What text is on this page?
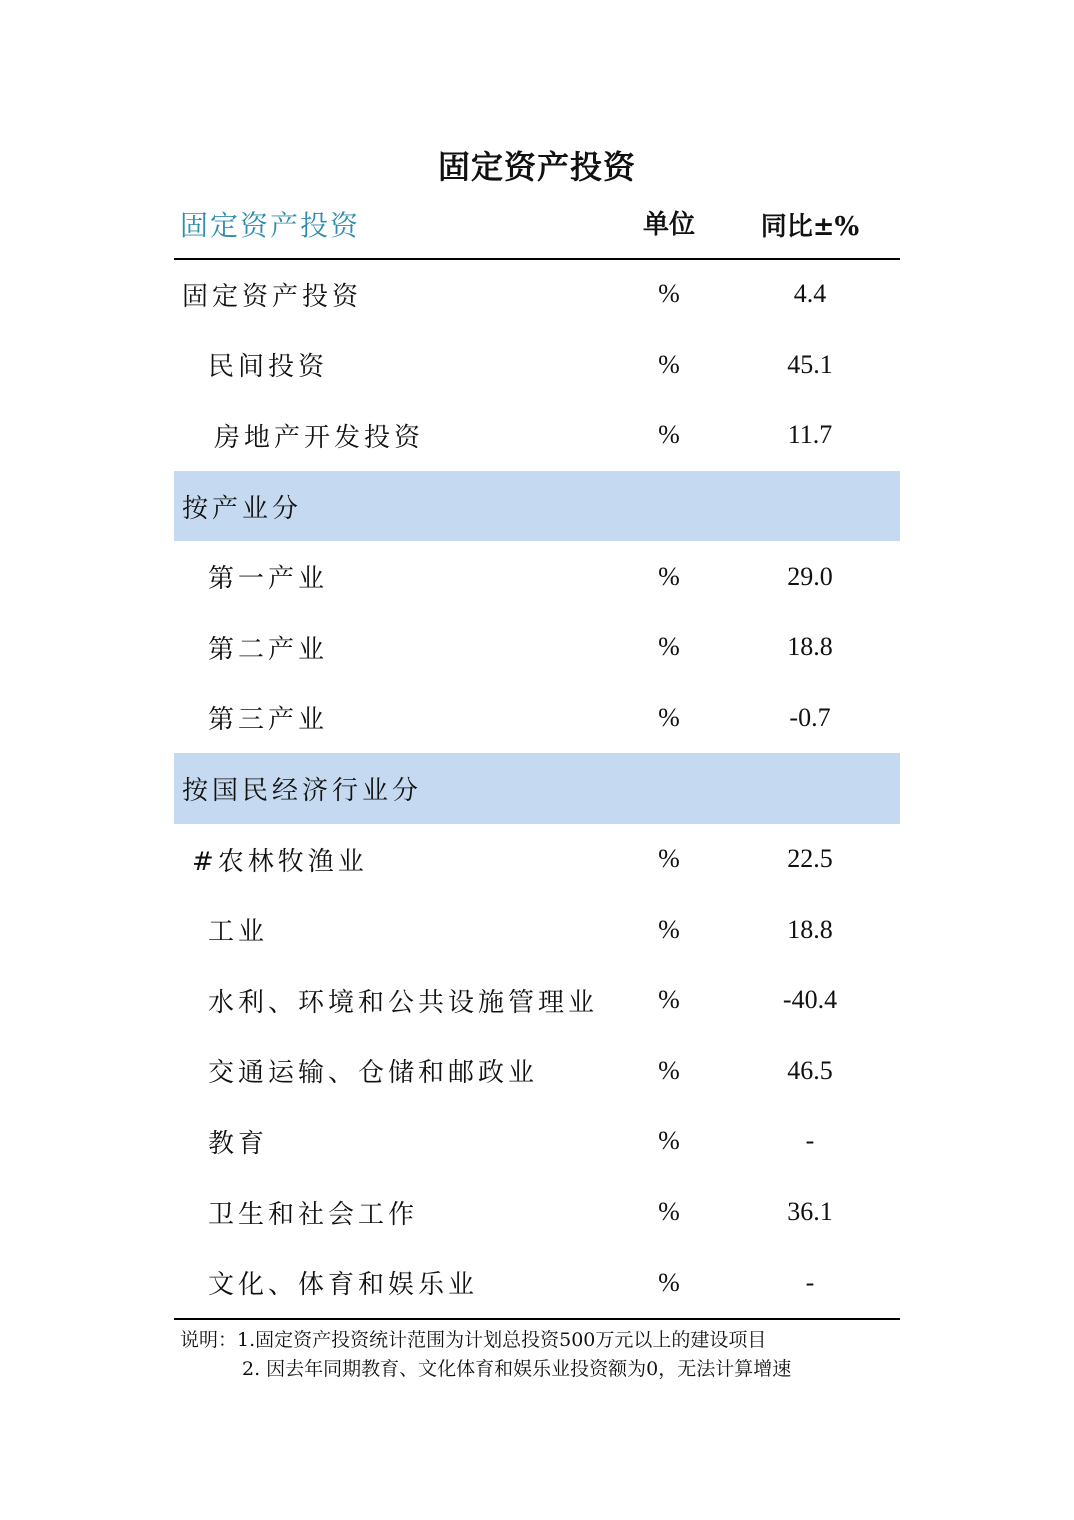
固定资产投资
固定资产投资	单位	同比±%
固定资产投资	%	4.4
民间投资	%	45.1
房地产开发投资	%	11.7
按产业分
第一产业	%	29.0
第二产业	%	18.8
第三产业	%	-0.7
按国民经济行业分
#农林牧渔业	%	22.5
工业	%	18.8
水利、环境和公共设施管理业	%	-40.4
交通运输、仓储和邮政业	%	46.5
教育	%	-
卫生和社会工作	%	36.1
文化、体育和娱乐业	%	-
说明：1.固定资产投资统计范围为计划总投资500万元以上的建设项目
2. 因去年同期教育、文化体育和娱乐业投资额为0，无法计算增速
